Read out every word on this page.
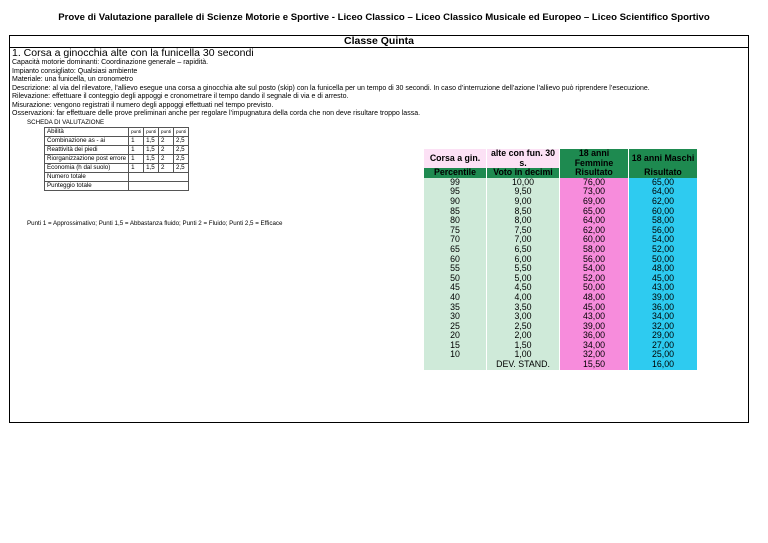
Prove di Valutazione parallele di Scienze Motorie e Sportive - Liceo Classico – Liceo Classico Musicale ed Europeo – Liceo Scientifico Sportivo
Classe Quinta
1. Corsa a ginocchia alte con la funicella 30 secondi

Capacità motorie dominanti: Coordinazione generale – rapidità.

Impianto consigliato: Qualsiasi ambiente

Materiale: una funicella, un cronometro

Descrizione: al via del rilevatore, l’allievo esegue una corsa a ginocchia alte sul posto (skip) con la funicella per un tempo di 30 secondi. In caso d’interruzione dell’azione l’allievo può riprendere l’esecuzione.

Rilevazione: effettuare il conteggio degli appoggi e cronometrare il tempo dando il segnale di via e di arresto.

Misurazione: vengono registrati il numero degli appoggi effettuati nel tempo previsto.

Osservazioni: far effettuare delle prove preliminari anche per regolare l’impugnatura della corda che non deve risultare troppo lassa.

SCHEDA DI VALUTAZIONE
Abilità	punti	punti	punti	punti
Combinazione as - ai	1	1,5	2	2,5
Reattività dei piedi	1	1,5	2	2,5
Riorganizzazione post errore	1	1,5	2	2,5
Economia (h dal suolo)	1	1,5	2	2,5
Numero totale				
Punteggio totale				
Punti 1 = Approssimativo; Punti 1,5 = Abbastanza fluido; Punti 2 = Fluido; Punti 2,5 = Efficace
Corsa a gin.	alte con fun. 30 s.	18 anni Femmine	18 anni Maschi
Percentile	Voto in decimi	Risultato	Risultato
99	10,00	76,00	65,00
95	9,50	73,00	64,00
90	9,00	69,00	62,00
85	8,50	65,00	60,00
80	8,00	64,00	58,00
75	7,50	62,00	56,00
70	7,00	60,00	54,00
65	6,50	58,00	52,00
60	6,00	56,00	50,00
55	5,50	54,00	48,00
50	5,00	52,00	45,00
45	4,50	50,00	43,00
40	4,00	48,00	39,00
35	3,50	45,00	36,00
30	3,00	43,00	34,00
25	2,50	39,00	32,00
20	2,00	36,00	29,00
15	1,50	34,00	27,00
10	1,00	32,00	25,00
	DEV. STAND.	15,50	16,00
